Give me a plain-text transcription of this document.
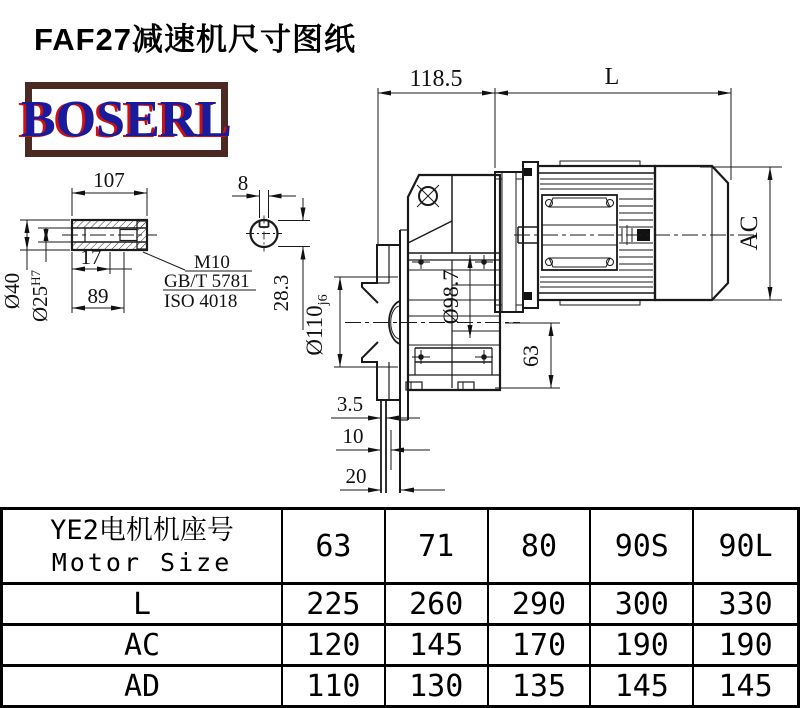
FAF27减速机尺寸图纸
BOSERL
107
17
89
Ø40 $Ø25^{H7}$
8
28.3
M10
GB/T 5781
ISO 4018
118.5	L
AC
Ø98.7
$Ø110_{j6}$
63
3.5
10
20
YE2电机机座号
Motor Size	63	71	80	90S	90L
L	225	260	290	300	330
AC	120	145	170	190	190
AD	110	130	135	145	145
